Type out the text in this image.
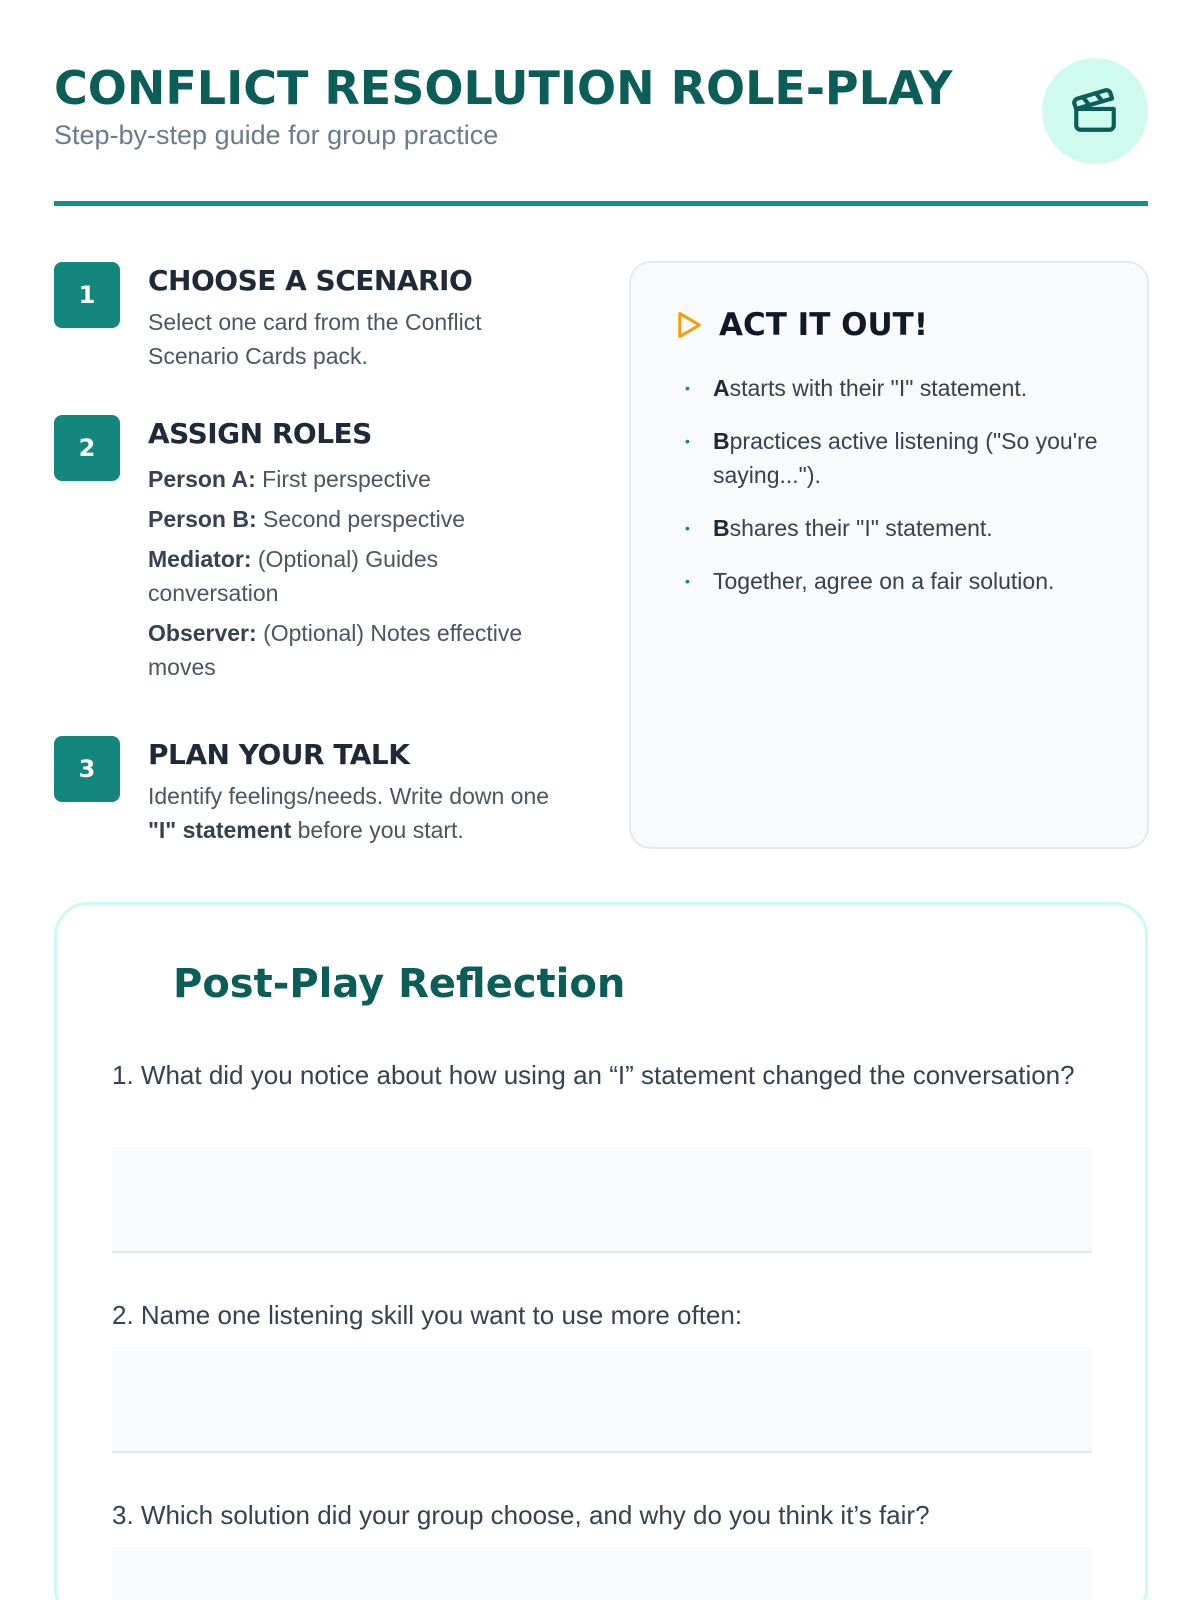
CONFLICT RESOLUTION ROLE-PLAY
Step-by-step guide for group practice
1	CHOOSE A SCENARIO
Select one card from the Conflict Scenario Cards pack.
2	ASSIGN ROLES
Person A: First perspective
Person B: Second perspective
Mediator: (Optional) Guides conversation
Observer: (Optional) Notes effective moves
3	PLAN YOUR TALK
Identify feelings/needs. Write down one "I" statement before you start.
ACT IT OUT!
• Astarts with their "I" statement.
• Bpractices active listening ("So you're saying...").
• Bshares their "I" statement.
• Together, agree on a fair solution.
Post-Play Reflection
1. What did you notice about how using an “I” statement changed the conversation?
2. Name one listening skill you want to use more often:
3. Which solution did your group choose, and why do you think it’s fair?
